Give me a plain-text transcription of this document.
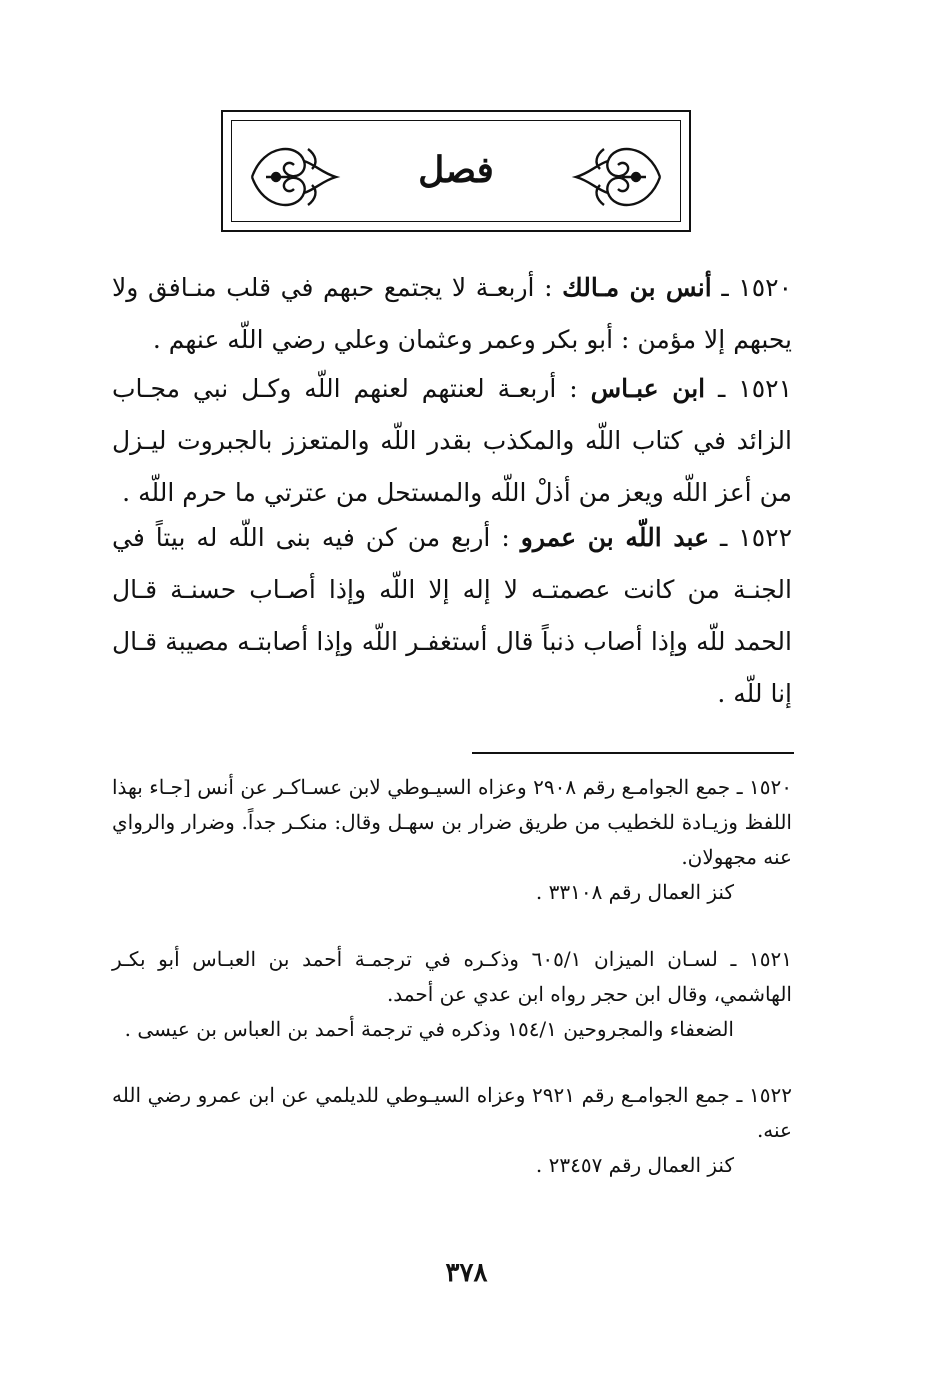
فصل
١٥٢٠ ـ أنس بن مـالك : أربعـة لا يجتمع حبهم في قلب منـافق ولا يحبهم إلا مؤمن : أبو بكر وعمر وعثمان وعلي رضي اللّه عنهم .
١٥٢١ ـ ابن عبـاس : أربعـة لعنتهم لعنهم اللّه وكـل نبي مجـاب الزائد في كتاب اللّه والمكذب بقدر اللّه والمتعزز بالجبروت ليـزل من أعز اللّه ويعز من أذلْ اللّه والمستحل من عترتي ما حرم اللّه .
١٥٢٢ ـ عبد اللّه بن عمرو : أربع من كن فيه بنى اللّه له بيتاً في الجنـة من كانت عصمتـه لا إله إلا اللّه وإذا أصـاب حسنـة قـال الحمد للّه وإذا أصاب ذنباً قال أستغفـر اللّه وإذا أصابتـه مصيبة قـال إنا للّه .

١٥٢٠ ـ جمع الجوامـع رقم ٢٩٠٨ وعزاه السيـوطي لابن عسـاكـر عن أنس [جـاء بهذا اللفظ وزيـادة للخطيب من طريق ضرار بن سهـل وقال: منكـر جداً. وضرار والرواي عنه مجهولان.

كنز العمال رقم ٣٣١٠٨ .

١٥٢١ ـ لسـان الميزان ٦٠٥/١ وذكـره في ترجمـة أحمد بن العبـاس أبو بكـر الهاشمي، وقال ابن حجر رواه ابن عدي عن أحمد.

الضعفاء والمجروحين ١٥٤/١ وذكره في ترجمة أحمد بن العباس بن عيسى .

١٥٢٢ ـ جمع الجوامـع رقم ٢٩٢١ وعزاه السيـوطي للديلمي عن ابن عمرو رضي الله عنه.

كنز العمال رقم ٢٣٤٥٧ .

٣٧٨
